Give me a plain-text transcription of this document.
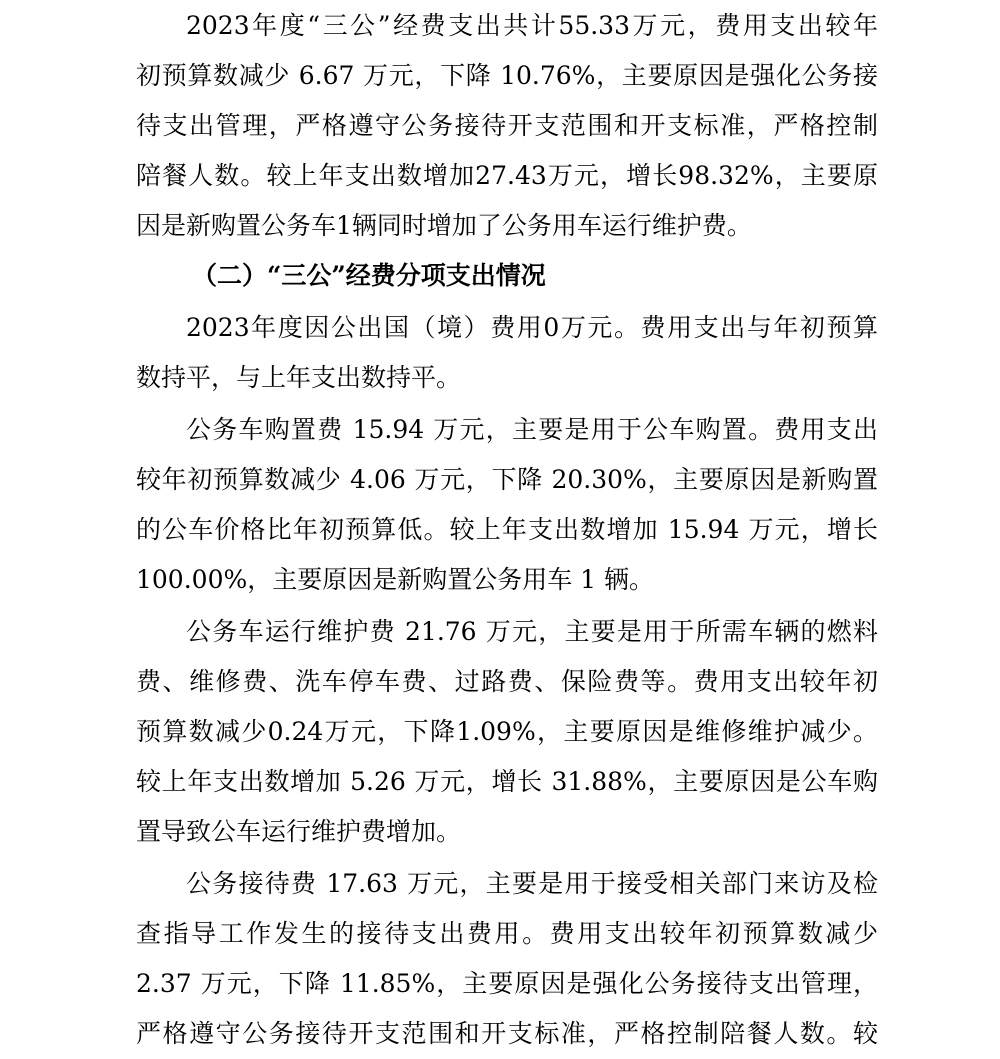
2023年度“三公”经费支出共计55.33万元，费用支出较年
初预算数减少 6.67 万元，下降 10.76%，主要原因是强化公务接
待支出管理，严格遵守公务接待开支范围和开支标准，严格控制
陪餐人数。较上年支出数增加27.43万元，增长98.32%，主要原
因是新购置公务车1辆同时增加了公务用车运行维护费。
（二）“三公”经费分项支出情况
2023年度因公出国（境）费用0万元。费用支出与年初预算
数持平，与上年支出数持平。
公务车购置费 15.94 万元，主要是用于公车购置。费用支出
较年初预算数减少 4.06 万元，下降 20.30%，主要原因是新购置
的公车价格比年初预算低。较上年支出数增加 15.94 万元，增长
100.00%，主要原因是新购置公务用车 1 辆。
公务车运行维护费 21.76 万元，主要是用于所需车辆的燃料
费、维修费、洗车停车费、过路费、保险费等。费用支出较年初
预算数减少0.24万元，下降1.09%，主要原因是维修维护减少。
较上年支出数增加 5.26 万元，增长 31.88%，主要原因是公车购
置导致公车运行维护费增加。
公务接待费 17.63 万元，主要是用于接受相关部门来访及检
查指导工作发生的接待支出费用。费用支出较年初预算数减少
2.37 万元，下降 11.85%，主要原因是强化公务接待支出管理，
严格遵守公务接待开支范围和开支标准，严格控制陪餐人数。较
